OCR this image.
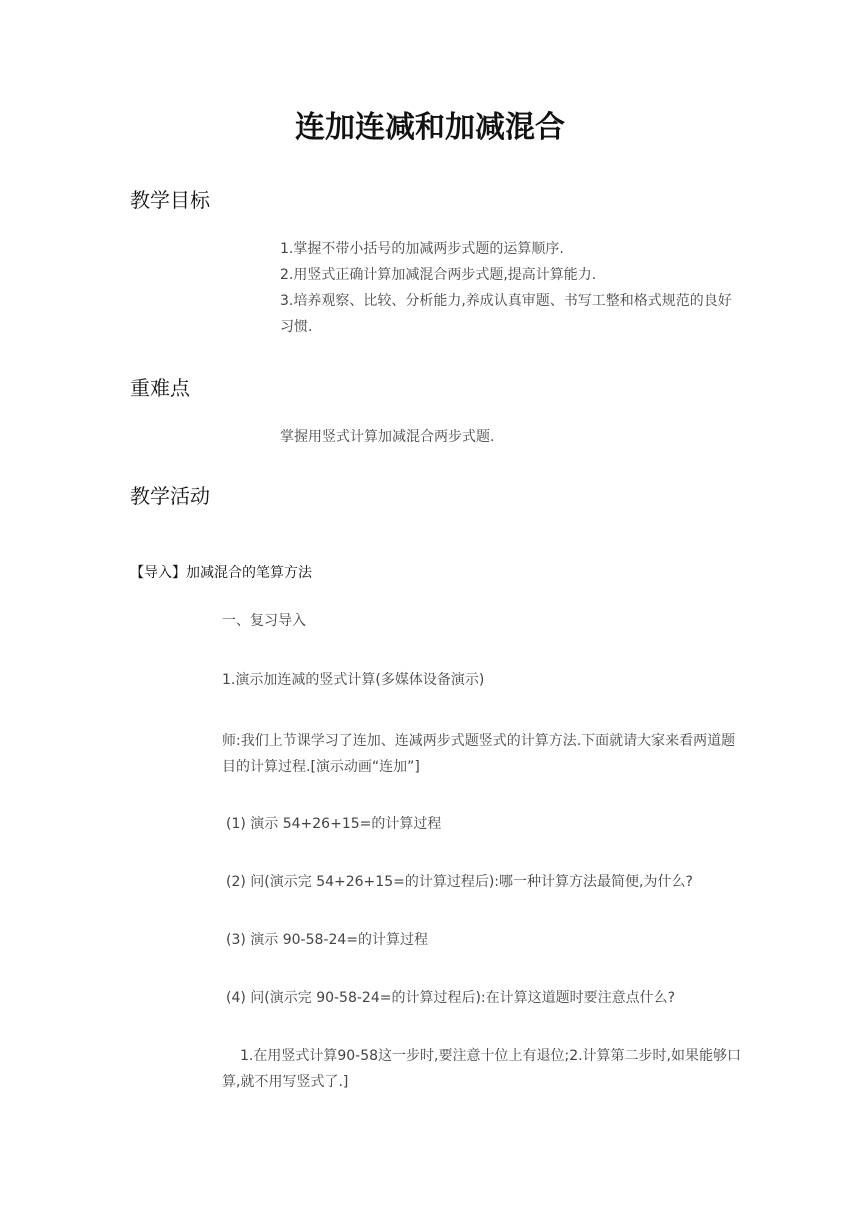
连加连减和加减混合
教学目标

1.掌握不带小括号的加减两步式题的运算顺序.

2.用竖式正确计算加减混合两步式题,提高计算能力.

3.培养观察、比较、分析能力,养成认真审题、书写工整和格式规范的良好习惯.

重难点

掌握用竖式计算加减混合两步式题.

教学活动

【导入】加减混合的笔算方法

一、复习导入

1.演示加连减的竖式计算(多媒体设备演示)

师:我们上节课学习了连加、连减两步式题竖式的计算方法.下面就请大家来看两道题目的计算过程.[演示动画“连加”]

(1) 演示 54+26+15=的计算过程

(2) 问(演示完 54+26+15=的计算过程后):哪一种计算方法最简便,为什么?

(3) 演示 90-58-24=的计算过程

(4) 问(演示完 90-58-24=的计算过程后):在计算这道题时要注意点什么?

1.在用竖式计算90-58这一步时,要注意十位上有退位;2.计算第二步时,如果能够口算,就不用写竖式了.]
